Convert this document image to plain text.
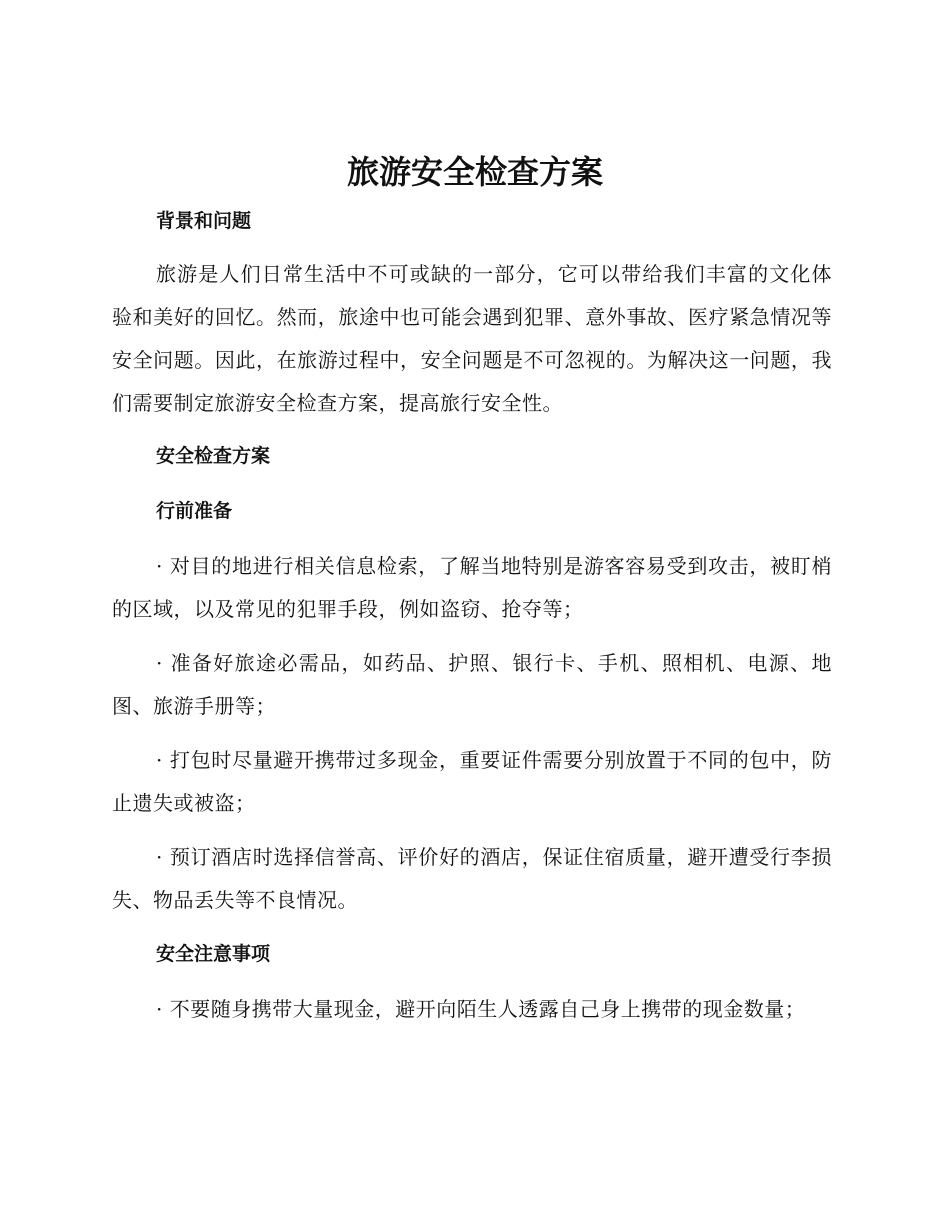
旅游安全检查方案
背景和问题

旅游是人们日常生活中不可或缺的一部分，它可以带给我们丰富的文化体验和美好的回忆。然而，旅途中也可能会遇到犯罪、意外事故、医疗紧急情况等安全问题。因此，在旅游过程中，安全问题是不可忽视的。为解决这一问题，我们需要制定旅游安全检查方案，提高旅行安全性。

安全检查方案
行前准备

· 对目的地进行相关信息检索，了解当地特别是游客容易受到攻击，被盯梢的区域，以及常见的犯罪手段，例如盗窃、抢夺等；

· 准备好旅途必需品，如药品、护照、银行卡、手机、照相机、电源、地图、旅游手册等；

· 打包时尽量避开携带过多现金，重要证件需要分别放置于不同的包中，防止遗失或被盗；

· 预订酒店时选择信誉高、评价好的酒店，保证住宿质量，避开遭受行李损失、物品丢失等不良情况。

安全注意事项

· 不要随身携带大量现金，避开向陌生人透露自己身上携带的现金数量；
